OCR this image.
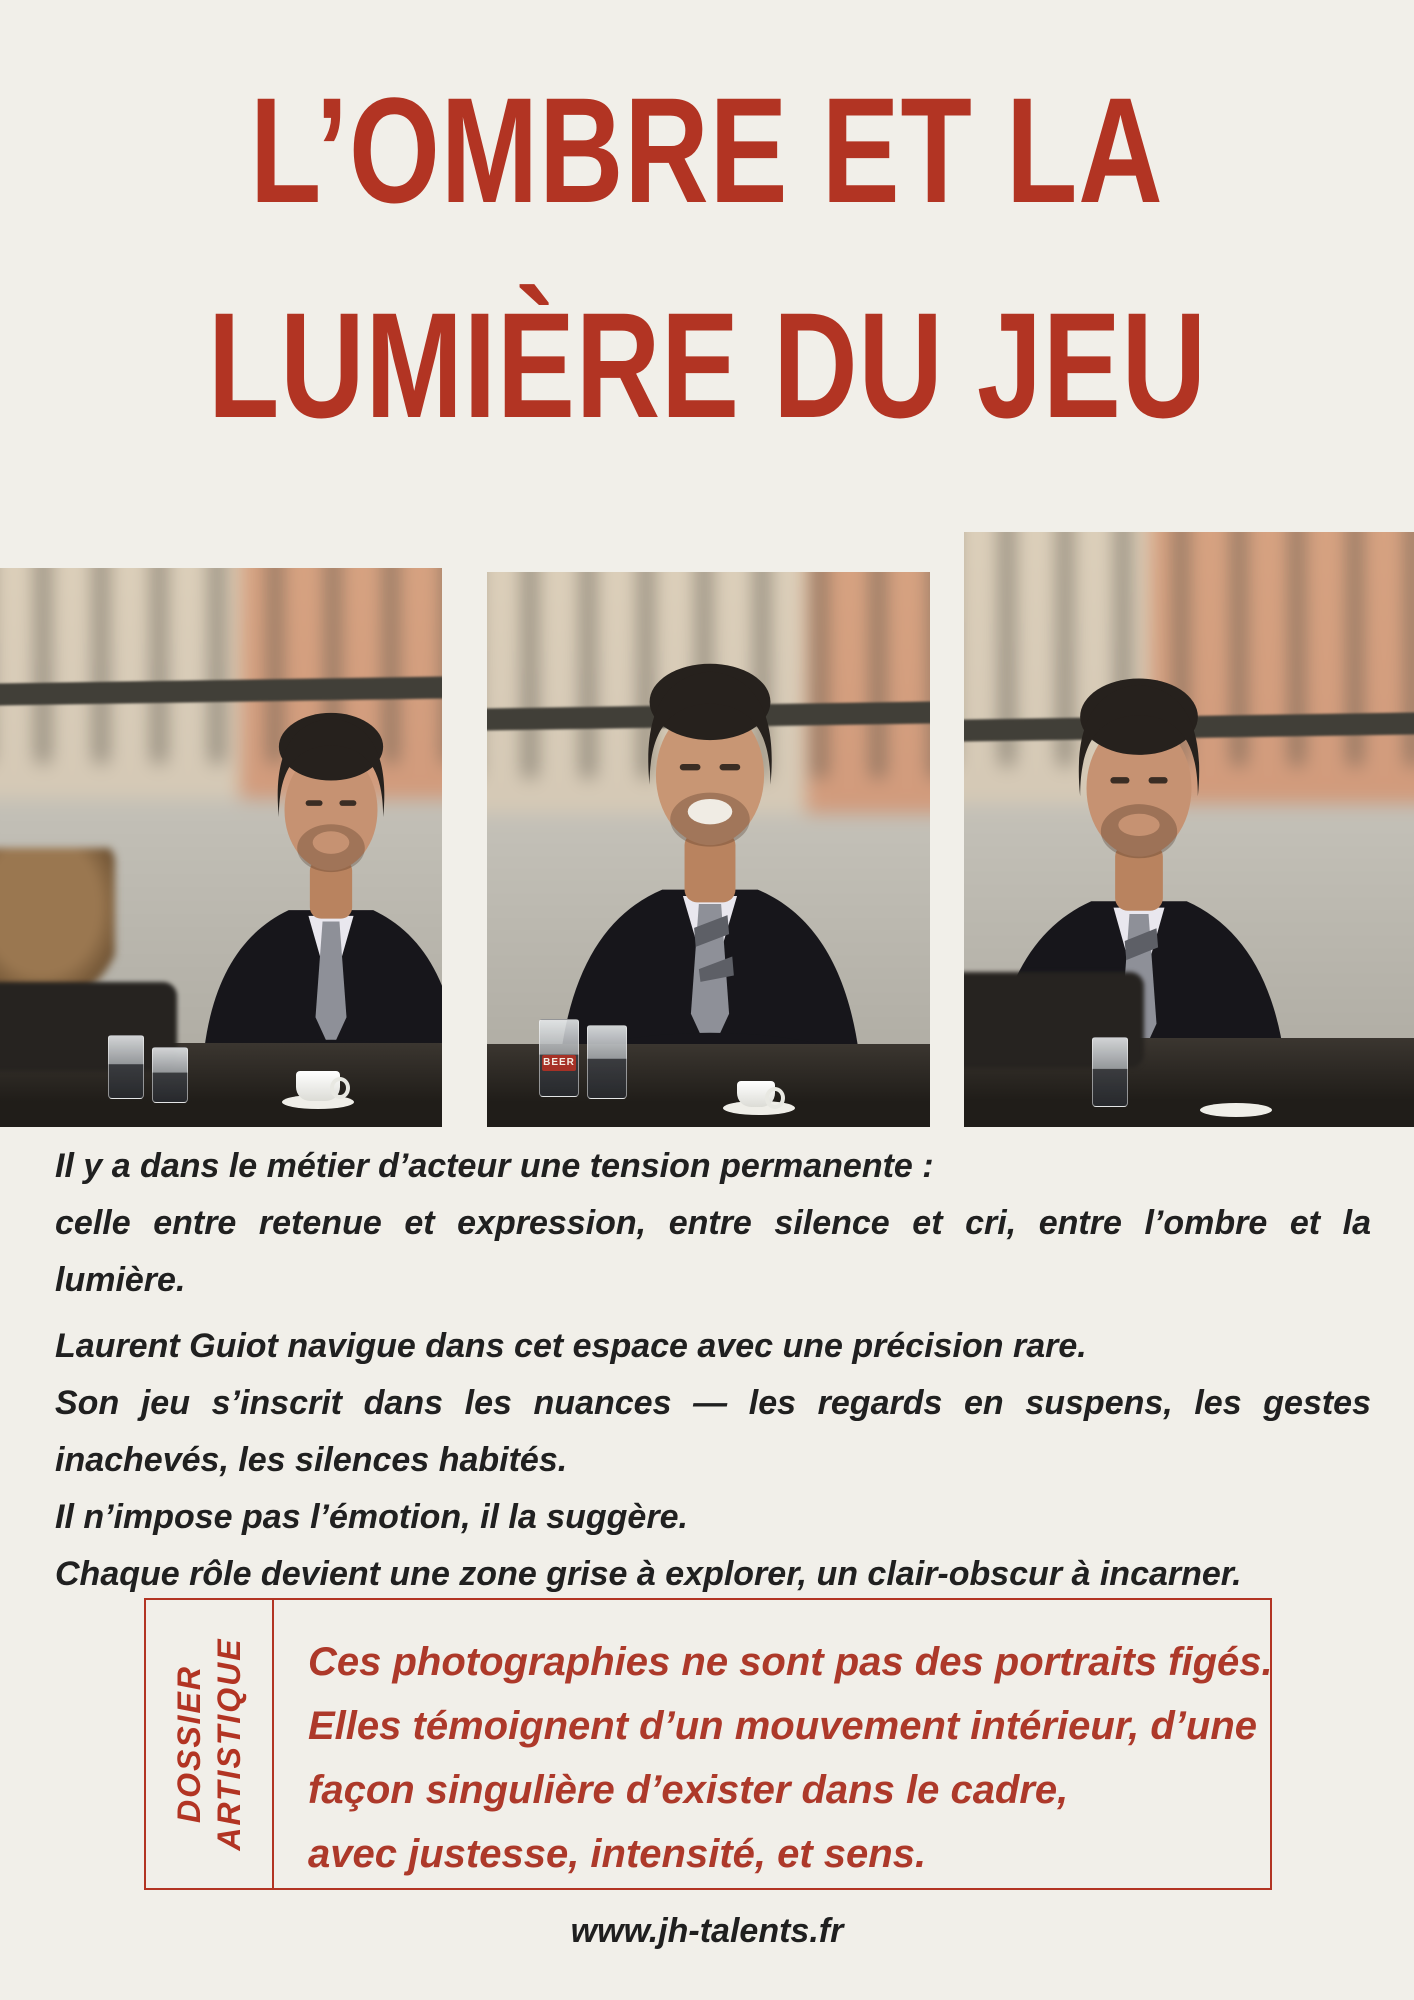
L’OMBRE ET LA
LUMIÈRE DU JEU
BEER
Il y a dans le métier d’acteur une tension permanente :
celle entre retenue et expression, entre silence et cri, entre l’ombre et la
lumière.
Laurent Guiot navigue dans cet espace avec une précision rare.
Son jeu s’inscrit dans les nuances — les regards en suspens, les gestes
inachevés, les silences habités.
Il n’impose pas l’émotion, il la suggère.
Chaque rôle devient une zone grise à explorer, un clair-obscur à incarner.
DOSSIER ARTISTIQUE Ces photographies ne sont pas des portraits figés.
Elles témoignent d’un mouvement intérieur, d’une
façon singulière d’exister dans le cadre,
avec justesse, intensité, et sens.
www.jh-talents.fr
